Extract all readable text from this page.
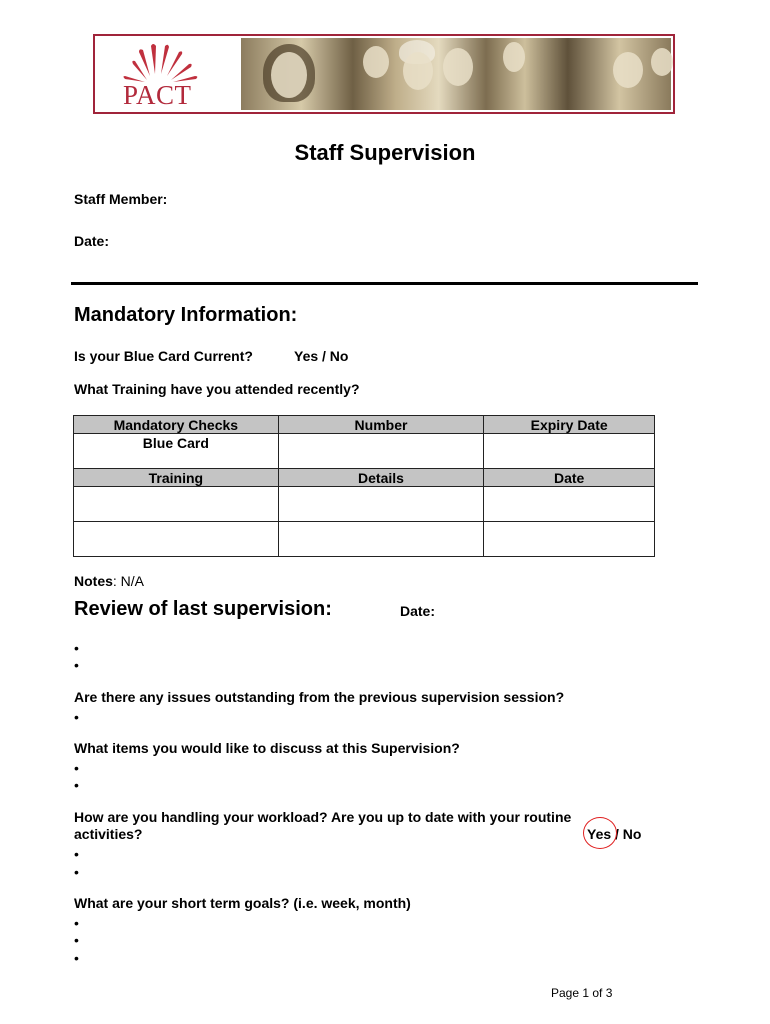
PACT
Staff Supervision
Staff Member:
Date:
Mandatory Information:
Is your Blue Card Current?	Yes / No
What Training have you attended recently?
Mandatory Checks	Number	Expiry Date
Blue Card		
Training	Details	Date

Notes: N/A
Review of last supervision:	Date:
•
•
Are there any issues outstanding from the previous supervision session?
•
What items you would like to discuss at this Supervision?
•
•
How are you handling your workload? Are you up to date with your routine
activities?	Yes / No
•
•
What are your short term goals? (i.e. week, month)
•
•
•
Page 1 of 3
